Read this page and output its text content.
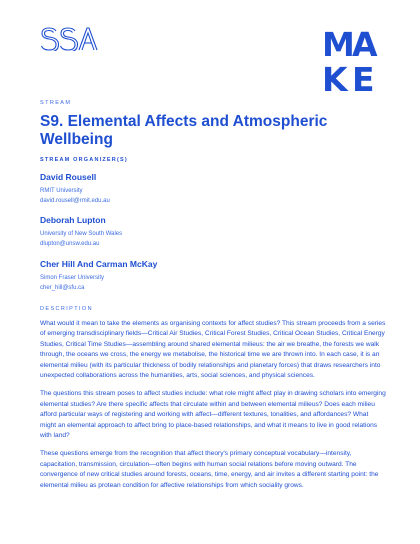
M
A
K E
STREAM
S9. Elemental Affects and Atmospheric Wellbeing
STREAM ORGANIZER(S)
David Rousell
RMIT University
david.rousell@rmit.edu.au
Deborah Lupton
University of New South Wales
dlupton@unsw.edu.au
Cher Hill And Carman McKay
Simon Fraser University
cher_hill@sfu.ca
DESCRIPTION

What would it mean to take the elements as organising contexts for affect studies? This stream proceeds from a series of emerging transdisciplinary fields—Critical Air Studies, Critical Forest Studies, Critical Ocean Studies, Critical Energy Studies, Critical Time Studies—assembling around shared elemental milieus: the air we breathe, the forests we walk through, the oceans we cross, the energy we metabolise, the historical time we are thrown into. In each case, it is an elemental milieu (with its particular thickness of bodily relationships and planetary forces) that draws researchers into unexpected collaborations across the humanities, arts, social sciences, and physical sciences.

The questions this stream poses to affect studies include: what role might affect play in drawing scholars into emerging elemental studies? Are there specific affects that circulate within and between elemental milieus? Does each milieu afford particular ways of registering and working with affect—different textures, tonalities, and affordances? What might an elemental approach to affect bring to place-based relationships, and what it means to live in good relations with land?

These questions emerge from the recognition that affect theory's primary conceptual vocabulary—intensity, capacitation, transmission, circulation—often begins with human social relations before moving outward. The convergence of new critical studies around forests, oceans, time, energy, and air invites a different starting point: the elemental milieu as protean condition for affective relationships from which sociality grows.
